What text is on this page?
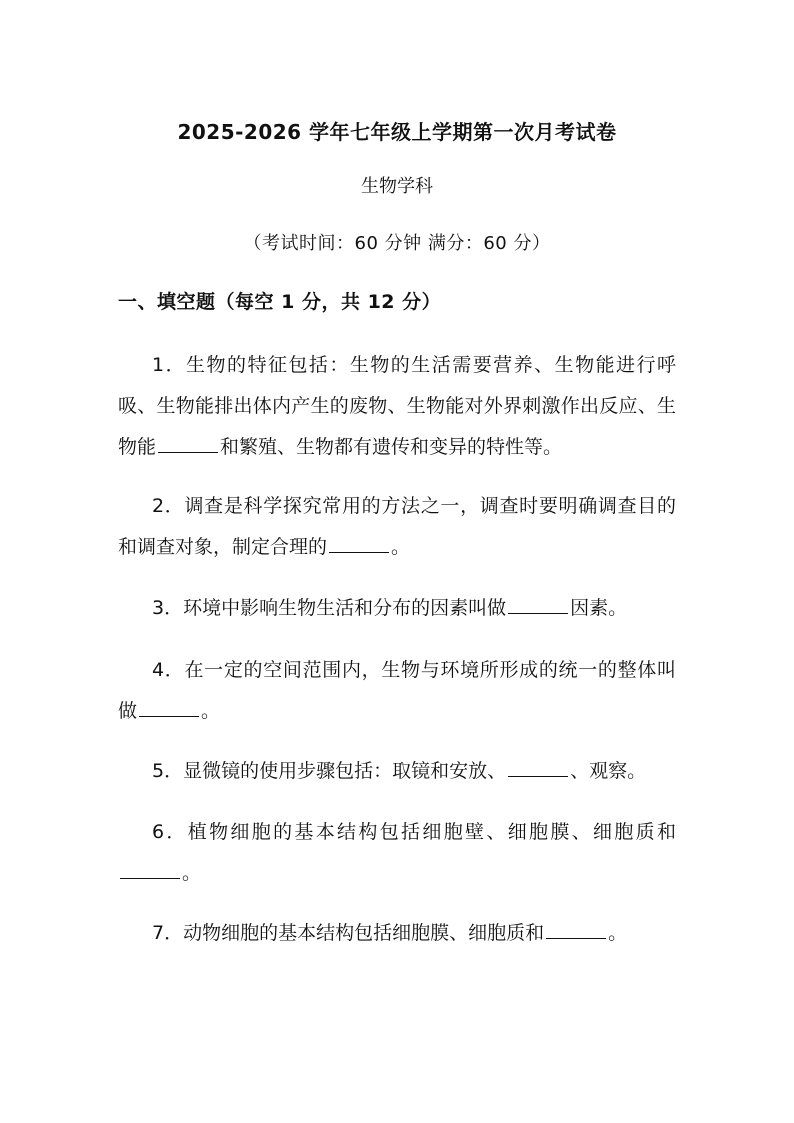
2025-2026 学年七年级上学期第一次月考试卷
生物学科
（考试时间：60 分钟 满分：60 分）
一、填空题（每空 1 分，共 12 分）
1．生物的特征包括：生物的生活需要营养、生物能进行呼吸、生物能排出体内产生的废物、生物能对外界刺激作出反应、生物能	和繁殖、生物都有遗传和变异的特性等。
2．调查是科学探究常用的方法之一，调查时要明确调查目的和调查对象，制定合理的	。
3．环境中影响生物生活和分布的因素叫做	因素。
4．在一定的空间范围内，生物与环境所形成的统一的整体叫做	。
5．显微镜的使用步骤包括：取镜和安放、	、观察。
6．植物细胞的基本结构包括细胞壁、细胞膜、细胞质和。
7．动物细胞的基本结构包括细胞膜、细胞质和	。
